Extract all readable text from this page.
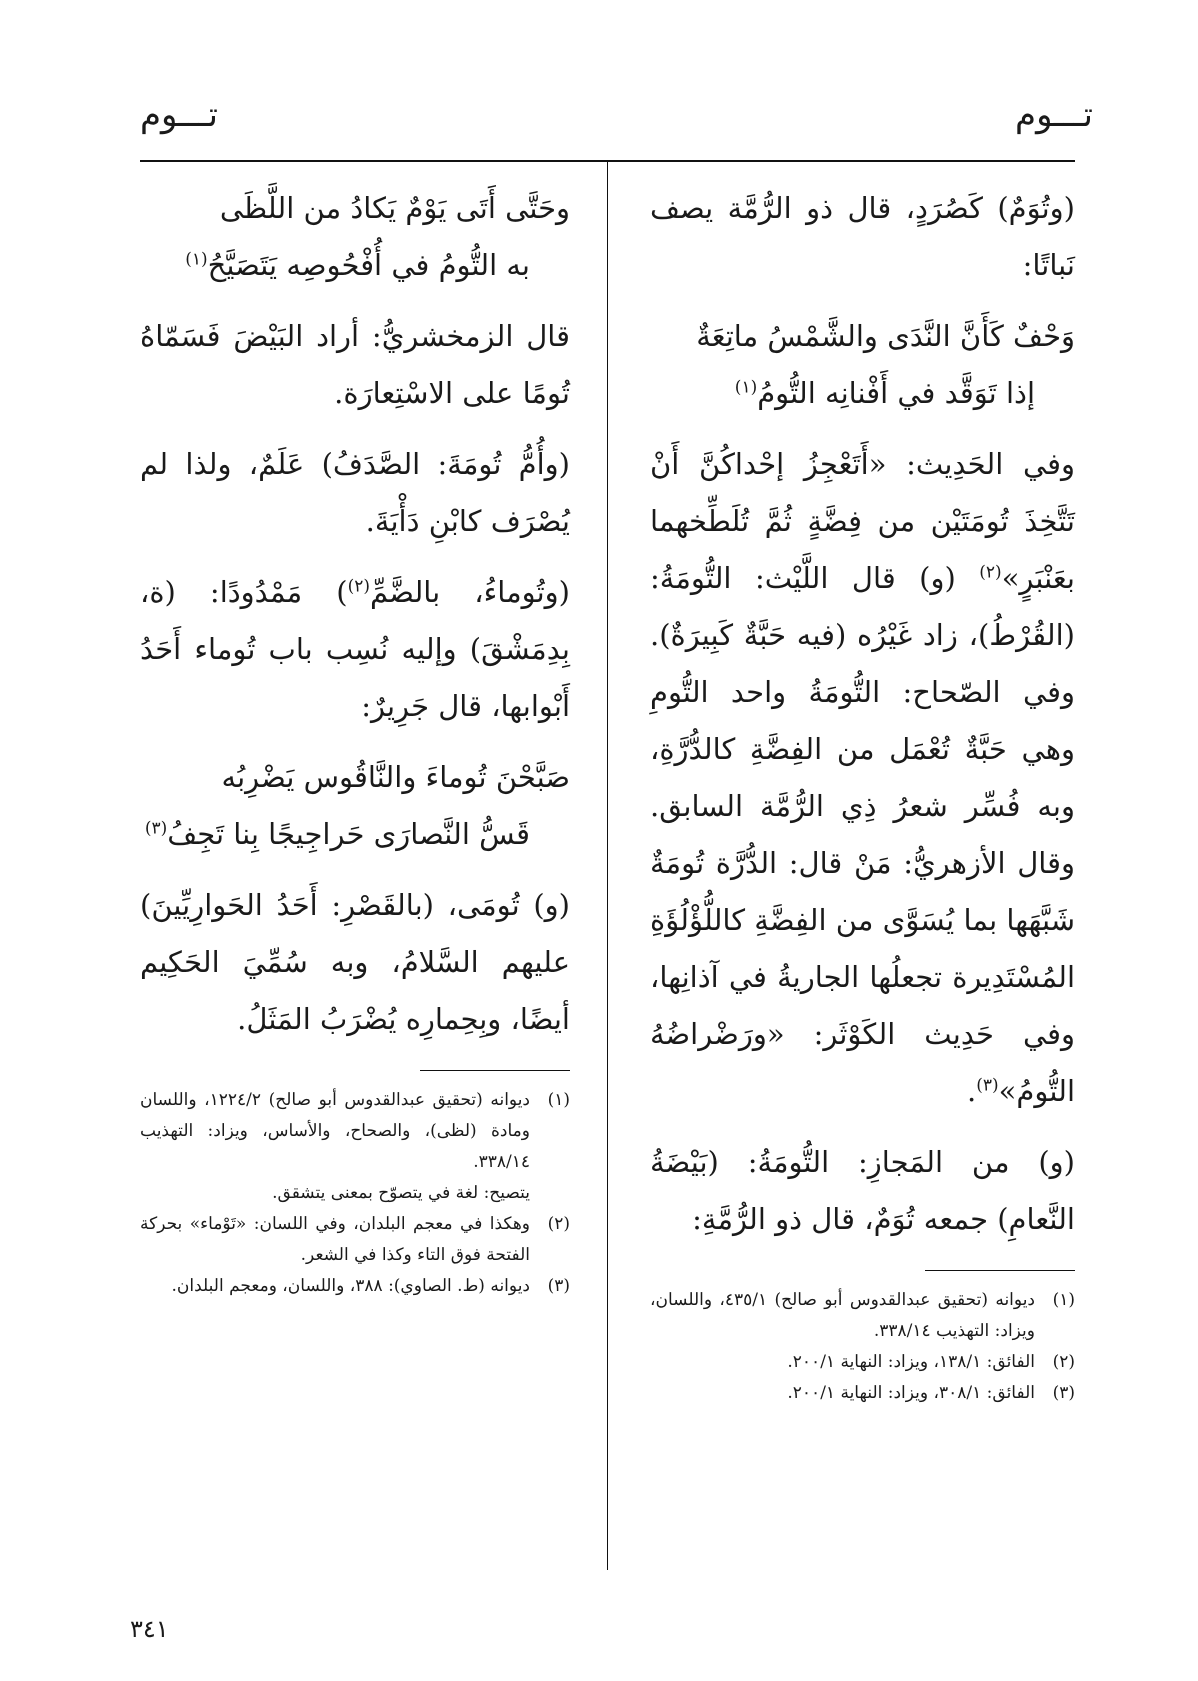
تـــوم
تـــوم

(وتُوَمٌ) كَصُرَدٍ، قال ذو الرُّمَّة يصف نَباتًا:

وَحْفٌ كَأَنَّ النَّدَى والشَّمْسُ ماتِعَةٌ
إذا تَوَقَّد في أَفْنانِه التُّومُ$^{(١)}$

وفي الحَدِيث: «أَتَعْجِزُ إحْداكُنَّ أَنْ تَتَّخِذَ تُومَتَيْن من فِضَّةٍ ثُمَّ تُلَطِّخهما بعَنْبَرٍ»$^{(٢)}$ (و) قال اللَّيْث: التُّومَةُ: (القُرْطُ)، زاد غَيْرُه (فيه حَبَّةٌ كَبِيرَةٌ). وفي الصّحاح: التُّومَةُ واحد التُّومِ وهي حَبَّةٌ تُعْمَل من الفِضَّةِ كالدُّرَّةِ، وبه فُسِّر شعرُ ذِي الرُّمَّة السابق. وقال الأزهريُّ: مَنْ قال: الدُّرَّة تُومَةٌ شَبَّهَها بما يُسَوَّى من الفِضَّةِ كاللُّؤْلُؤَةِ المُسْتَدِيرة تجعلُها الجاريةُ في آذانِها، وفي حَدِيث الكَوْثَر: «ورَضْراضُهُ التُّومُ»$^{(٣)}$.

(و) من المَجازِ: التُّومَةُ: (بَيْضَةُ النَّعامِ) جمعه تُوَمٌ، قال ذو الرُّمَّةِ:

(١)
ديوانه (تحقيق عبدالقدوس أبو صالح) ٤٣٥/١، واللسان، ويزاد: التهذيب ٣٣٨/١٤.
(٢)
الفائق: ١٣٨/١، ويزاد: النهاية ٢٠٠/١.
(٣)
الفائق: ٣٠٨/١، ويزاد: النهاية ٢٠٠/١.
وحَتَّى أَتَى يَوْمٌ يَكادُ من اللَّظَى
به التُّومُ في أُفْحُوصِه يَتَصَيَّحُ$^{(١)}$

قال الزمخشريُّ: أراد البَيْضَ فَسَمّاهُ تُومًا على الاسْتِعارَة.

(وأُمُّ تُومَةَ: الصَّدَفُ) عَلَمٌ، ولذا لم يُصْرَف كابْنِ دَأْيَةَ.

(وتُوماءُ، بالضَّمِّ$^{(٢)}$) مَمْدُودًا: (ة، بِدِمَشْقَ) وإليه نُسِب باب تُوماء أَحَدُ أَبْوابها، قال جَرِيرٌ:

صَبَّحْنَ تُوماءَ والنَّاقُوس يَضْرِبُه
قَسُّ النَّصارَى حَراجِيجًا بِنا تَجِفُ$^{(٣)}$

(و) تُومَى، (بالقَصْرِ: أَحَدُ الحَوارِيِّينَ) عليهم السَّلامُ، وبه سُمِّيَ الحَكِيم أيضًا، وبِحِمارِه يُضْرَبُ المَثَلُ.

(١)
ديوانه (تحقيق عبدالقدوس أبو صالح) ١٢٢٤/٢، واللسان ومادة (لظى)، والصحاح، والأساس، ويزاد: التهذيب ٣٣٨/١٤.
يتصيح: لغة في يتصوّح بمعنى يتشقق.
(٢)
وهكذا في معجم البلدان، وفي اللسان: «تَوْماء» بحركة الفتحة فوق التاء وكذا في الشعر.
(٣)
ديوانه (ط. الصاوي): ٣٨٨، واللسان، ومعجم البلدان.
٣٤١
